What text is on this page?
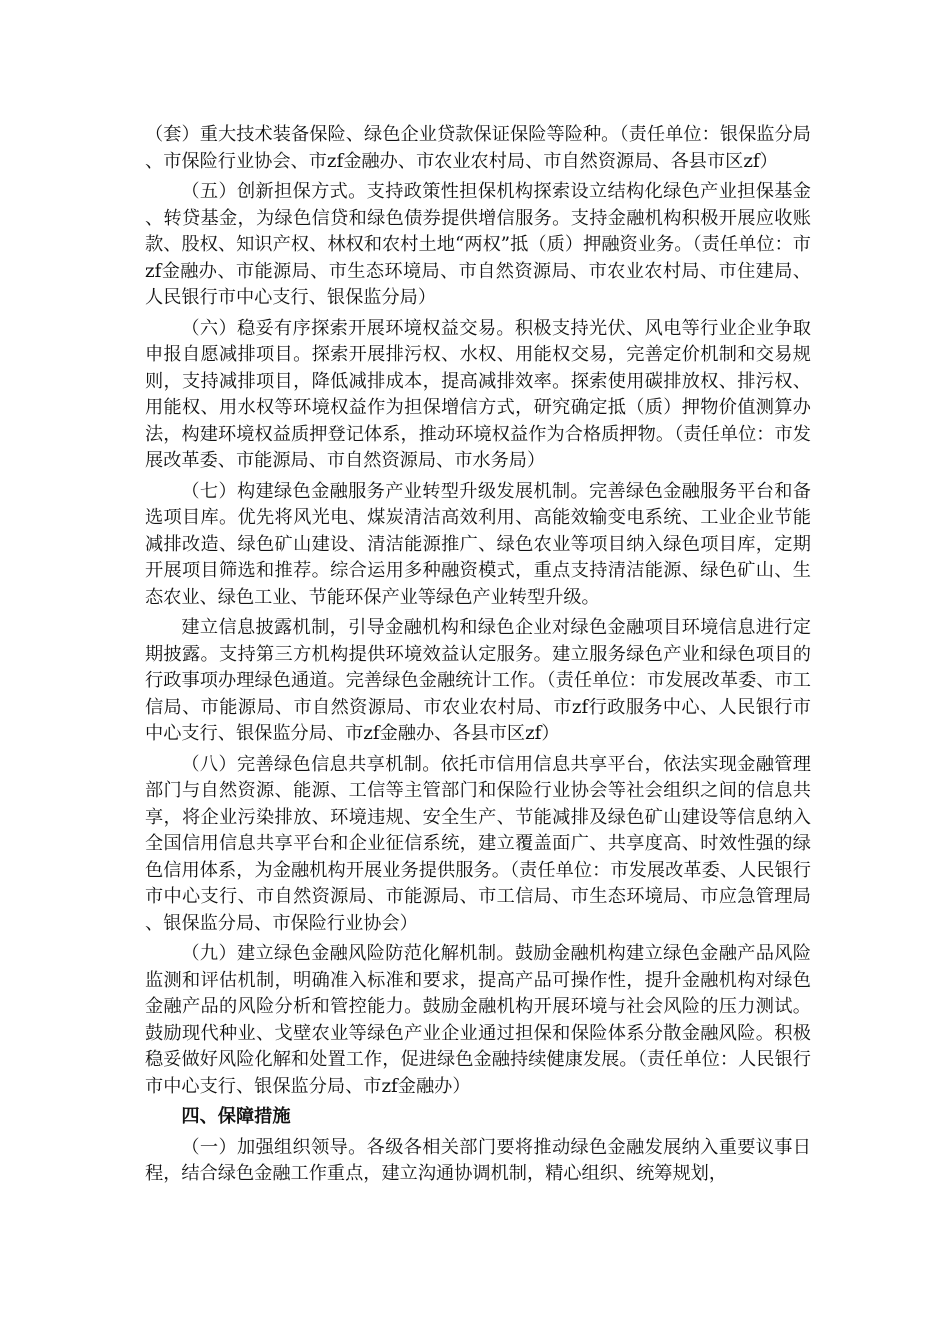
（套）重大技术装备保险、绿色企业贷款保证保险等险种。（责任单位：银保监分局、市保险行业协会、市zf金融办、市农业农村局、市自然资源局、各县市区zf）

（五）创新担保方式。支持政策性担保机构探索设立结构化绿色产业担保基金、转贷基金，为绿色信贷和绿色债券提供增信服务。支持金融机构积极开展应收账款、股权、知识产权、林权和农村土地“两权”抵（质）押融资业务。（责任单位：市zf金融办、市能源局、市生态环境局、市自然资源局、市农业农村局、市住建局、人民银行市中心支行、银保监分局）

（六）稳妥有序探索开展环境权益交易。积极支持光伏、风电等行业企业争取申报自愿减排项目。探索开展排污权、水权、用能权交易，完善定价机制和交易规则，支持减排项目，降低减排成本，提高减排效率。探索使用碳排放权、排污权、用能权、用水权等环境权益作为担保增信方式，研究确定抵（质）押物价值测算办法，构建环境权益质押登记体系，推动环境权益作为合格质押物。（责任单位：市发展改革委、市能源局、市自然资源局、市水务局）

（七）构建绿色金融服务产业转型升级发展机制。完善绿色金融服务平台和备选项目库。优先将风光电、煤炭清洁高效利用、高能效输变电系统、工业企业节能减排改造、绿色矿山建设、清洁能源推广、绿色农业等项目纳入绿色项目库，定期开展项目筛选和推荐。综合运用多种融资模式，重点支持清洁能源、绿色矿山、生态农业、绿色工业、节能环保产业等绿色产业转型升级。

建立信息披露机制，引导金融机构和绿色企业对绿色金融项目环境信息进行定期披露。支持第三方机构提供环境效益认定服务。建立服务绿色产业和绿色项目的行政事项办理绿色通道。完善绿色金融统计工作。（责任单位：市发展改革委、市工信局、市能源局、市自然资源局、市农业农村局、市zf行政服务中心、人民银行市中心支行、银保监分局、市zf金融办、各县市区zf）

（八）完善绿色信息共享机制。依托市信用信息共享平台，依法实现金融管理部门与自然资源、能源、工信等主管部门和保险行业协会等社会组织之间的信息共享，将企业污染排放、环境违规、安全生产、节能减排及绿色矿山建设等信息纳入全国信用信息共享平台和企业征信系统，建立覆盖面广、共享度高、时效性强的绿色信用体系，为金融机构开展业务提供服务。（责任单位：市发展改革委、人民银行市中心支行、市自然资源局、市能源局、市工信局、市生态环境局、市应急管理局、银保监分局、市保险行业协会）

（九）建立绿色金融风险防范化解机制。鼓励金融机构建立绿色金融产品风险监测和评估机制，明确准入标准和要求，提高产品可操作性，提升金融机构对绿色金融产品的风险分析和管控能力。鼓励金融机构开展环境与社会风险的压力测试。鼓励现代种业、戈壁农业等绿色产业企业通过担保和保险体系分散金融风险。积极稳妥做好风险化解和处置工作，促进绿色金融持续健康发展。（责任单位：人民银行市中心支行、银保监分局、市zf金融办）

四、保障措施

（一）加强组织领导。各级各相关部门要将推动绿色金融发展纳入重要议事日程，结合绿色金融工作重点，建立沟通协调机制，精心组织、统筹规划，
